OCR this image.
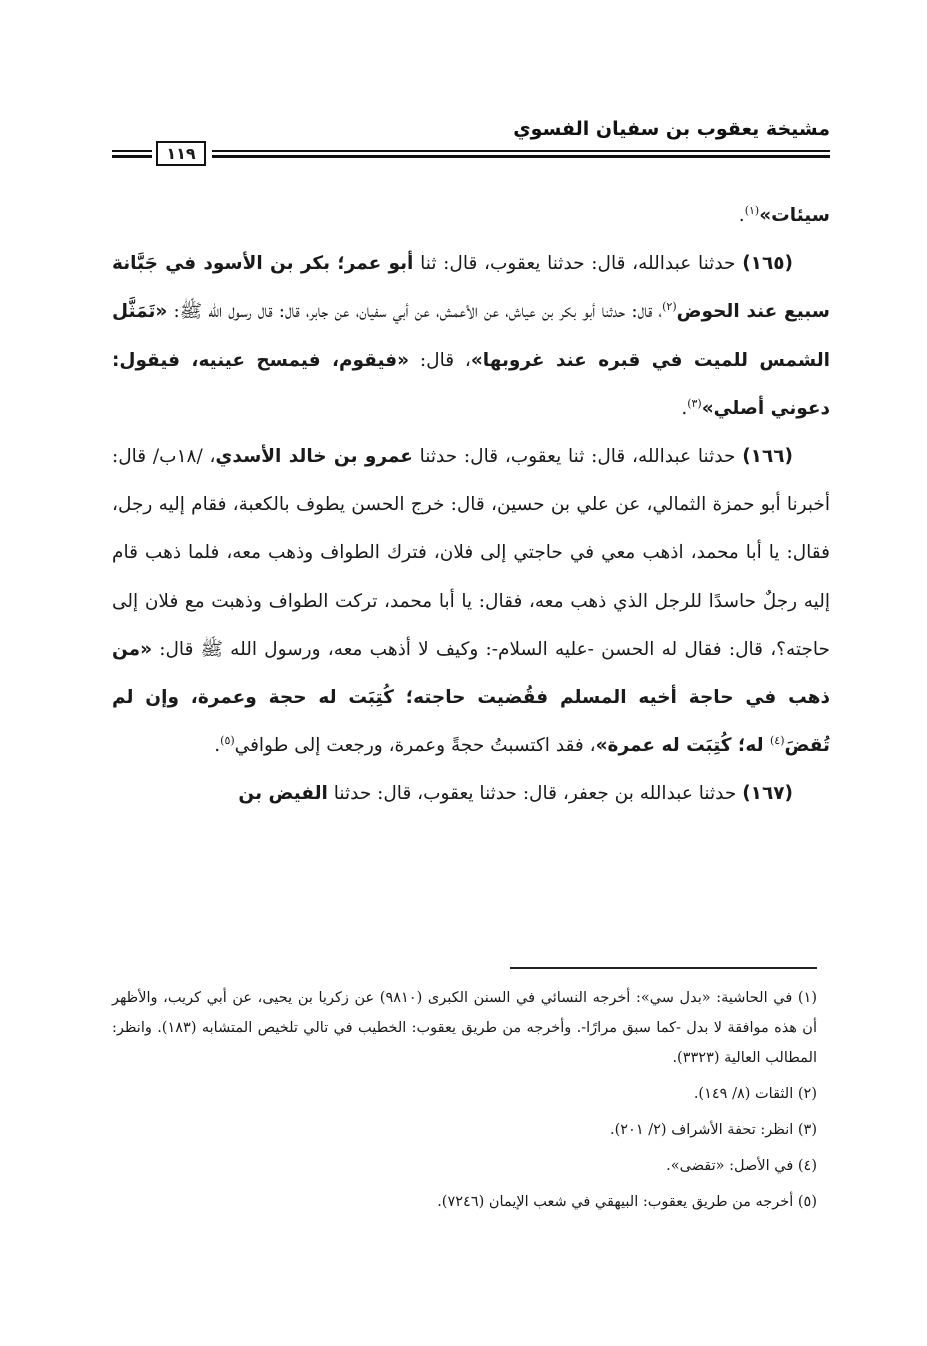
مشيخة يعقوب بن سفيان الفسوي
١١٩

سيئات»$^{(١)}$.

  (١٦٥) حدثنا عبدالله، قال: حدثنا يعقوب، قال: ثنا أبو عمر؛ بكر بن الأسود في جَبَّانة سبيع عند الحوض$^{(٢)}$، قال: حدثنا أبو بكر بن عياش، عن الأعمش، عن أبي سفيان، عن جابر، قال: قال رسول الله ﷺ: «تَمَثَّل الشمس للميت في قبره عند غروبها»، قال: «فيقوم، فيمسح عينيه، فيقول: دعوني أصلي»$^{(٣)}$.

  (١٦٦) حدثنا عبدالله، قال: ثنا يعقوب، قال: حدثنا عمرو بن خالد الأسدي، /١٨ب/ قال: أخبرنا أبو حمزة الثمالي، عن علي بن حسين، قال: خرج الحسن يطوف بالكعبة، فقام إليه رجل، فقال: يا أبا محمد، اذهب معي في حاجتي إلى فلان، فترك الطواف وذهب معه، فلما ذهب قام إليه رجلٌ حاسدًا للرجل الذي ذهب معه، فقال: يا أبا محمد، تركت الطواف وذهبت مع فلان إلى حاجته؟، قال: فقال له الحسن -عليه السلام-: وكيف لا أذهب معه، ورسول الله ﷺ قال: «من ذهب في حاجة أخيه المسلم فقُضيت حاجته؛ كُتِبَت له حجة وعمرة، وإن لم تُقضَ$^{(٤)}$ له؛ كُتِبَت له عمرة»، فقد اكتسبتُ حجةً وعمرة، ورجعت إلى طوافي$^{(٥)}$.

  (١٦٧) حدثنا عبدالله بن جعفر، قال: حدثنا يعقوب، قال: حدثنا الفيض بن

(١) في الحاشية: «بدل سي»: أخرجه النسائي في السنن الكبرى (٩٨١٠) عن زكريا بن يحيى، عن أبي كريب، والأظهر أن هذه موافقة لا بدل -كما سبق مرارًا-. وأخرجه من طريق يعقوب: الخطيب في تالي تلخيص المتشابه (١٨٣). وانظر: المطالب العالية (٣٣٢٣).

(٢) الثقات (٨/ ١٤٩).

(٣) انظر: تحفة الأشراف (٢/ ٢٠١).

(٤) في الأصل: «تقضى».

(٥) أخرجه من طريق يعقوب: البيهقي في شعب الإيمان (٧٢٤٦).
